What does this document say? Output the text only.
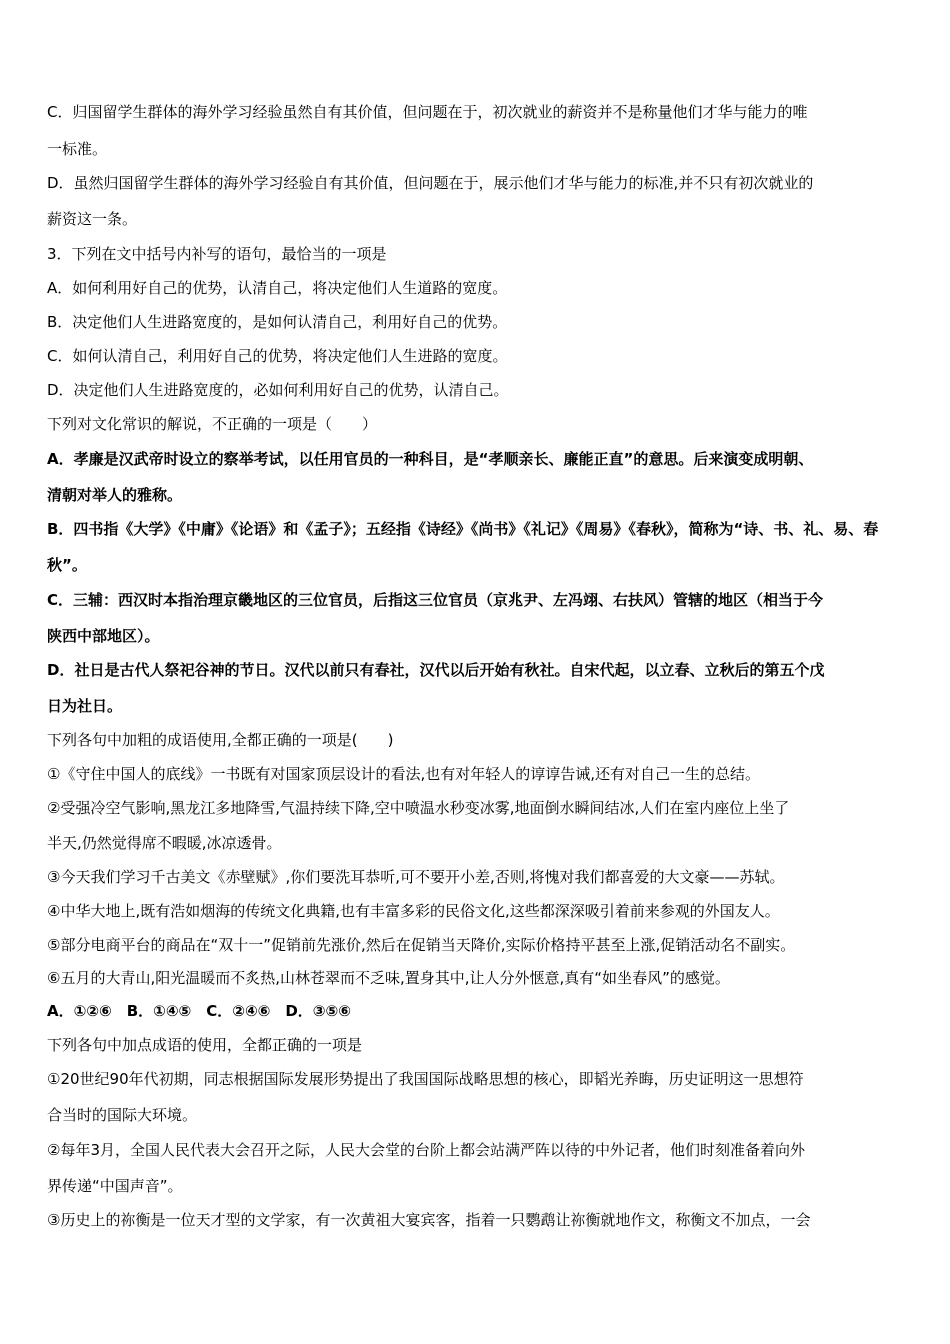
C．归国留学生群体的海外学习经验虽然自有其价值，但问题在于，初次就业的薪资并不是称量他们才华与能力的唯
一标准。
D．虽然归国留学生群体的海外学习经验自有其价值，但问题在于，展示他们才华与能力的标准,并不只有初次就业的
薪资这一条。
3．下列在文中括号内补写的语句，最恰当的一项是
A．如何利用好自己的优势，认清自己，将决定他们人生道路的宽度。
B．决定他们人生进路宽度的，是如何认清自己，利用好自己的优势。
C．如何认清自己，利用好自己的优势，将决定他们人生进路的宽度。
D．决定他们人生进路宽度的，必如何利用好自己的优势，认清自己。
下列对文化常识的解说，不正确的一项是（　　）
A．孝廉是汉武帝时设立的察举考试，以任用官员的一种科目，是“孝顺亲长、廉能正直”的意思。后来演变成明朝、
清朝对举人的雅称。
B．四书指《大学》《中庸》《论语》和《孟子》；五经指《诗经》《尚书》《礼记》《周易》《春秋》，简称为“诗、书、礼、易、春
秋”。
C．三辅：西汉时本指治理京畿地区的三位官员，后指这三位官员（京兆尹、左冯翊、右扶风）管辖的地区（相当于今
陕西中部地区）。
D．社日是古代人祭祀谷神的节日。汉代以前只有春社，汉代以后开始有秋社。自宋代起，以立春、立秋后的第五个戊
日为社日。
下列各句中加粗的成语使用,全都正确的一项是(　　)
①《守住中国人的底线》一书既有对国家顶层设计的看法,也有对年轻人的谆谆告诫,还有对自己一生的总结。
②受强冷空气影响,黑龙江多地降雪,气温持续下降,空中喷温水秒变冰雾,地面倒水瞬间结冰,人们在室内座位上坐了
半天,仍然觉得席不暇暖,冰凉透骨。
③今天我们学习千古美文《赤壁赋》,你们要洗耳恭听,可不要开小差,否则,将愧对我们都喜爱的大文豪——苏轼。
④中华大地上,既有浩如烟海的传统文化典籍,也有丰富多彩的民俗文化,这些都深深吸引着前来参观的外国友人。
⑤部分电商平台的商品在“双十一”促销前先涨价,然后在促销当天降价,实际价格持平甚至上涨,促销活动名不副实。
⑥五月的大青山,阳光温暖而不炙热,山林苍翠而不乏味,置身其中,让人分外惬意,真有“如坐春风”的感觉。
A．①②⑥　B．①④⑤　C．②④⑥　D．③⑤⑥
下列各句中加点成语的使用，全都正确的一项是
①20世纪90年代初期，同志根据国际发展形势提出了我国国际战略思想的核心，即韬光养晦，历史证明这一思想符
合当时的国际大环境。
②每年3月，全国人民代表大会召开之际，人民大会堂的台阶上都会站满严阵以待的中外记者，他们时刻准备着向外
界传递“中国声音”。
③历史上的祢衡是一位天才型的文学家，有一次黄祖大宴宾客，指着一只鹦鹉让祢衡就地作文，称衡文不加点，一会
